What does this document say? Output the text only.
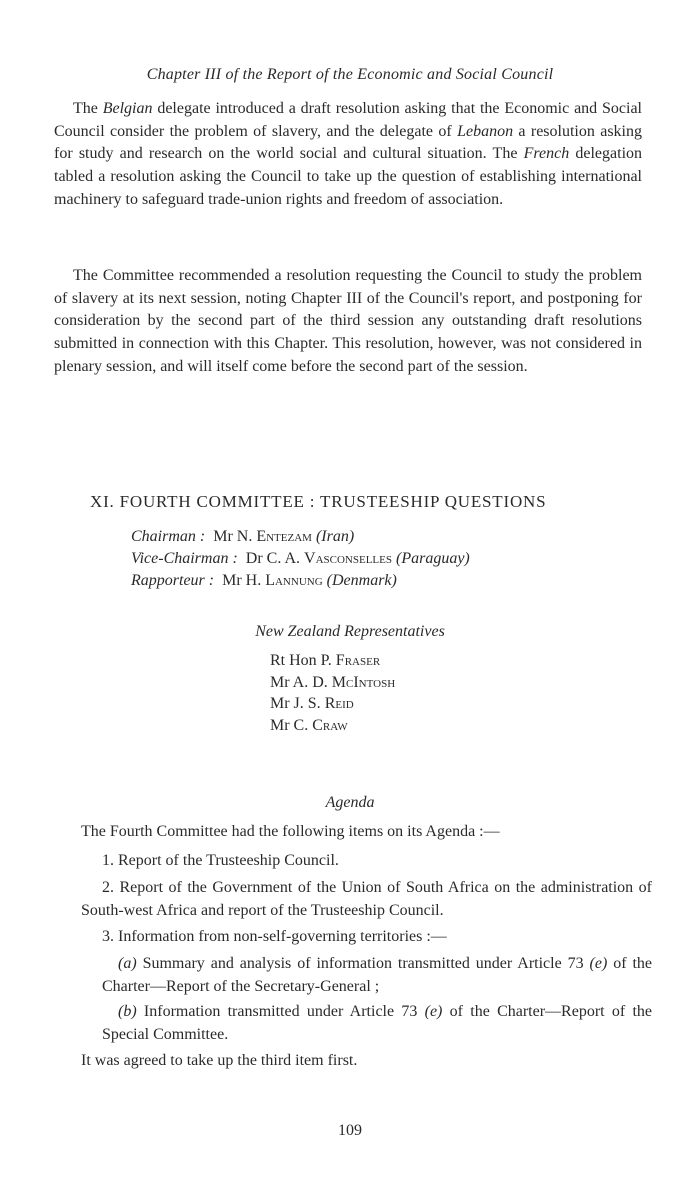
Chapter III of the Report of the Economic and Social Council
The Belgian delegate introduced a draft resolution asking that the Economic and Social Council consider the problem of slavery, and the delegate of Lebanon a resolution asking for study and research on the world social and cultural situation. The French delegation tabled a resolution asking the Council to take up the question of establishing international machinery to safeguard trade-union rights and freedom of association.
The Committee recommended a resolution requesting the Council to study the problem of slavery at its next session, noting Chapter III of the Council's report, and postponing for consideration by the second part of the third session any outstanding draft resolutions submitted in connection with this Chapter. This resolution, however, was not considered in plenary session, and will itself come before the second part of the session.
XI. FOURTH COMMITTEE : TRUSTEESHIP QUESTIONS
Chairman : Mr N. Entezam (Iran)
Vice-Chairman : Dr C. A. Vasconselles (Paraguay)
Rapporteur : Mr H. Lannung (Denmark)
New Zealand Representatives
Rt Hon P. Fraser
Mr A. D. McIntosh
Mr J. S. Reid
Mr C. Craw
Agenda
The Fourth Committee had the following items on its Agenda :—
1. Report of the Trusteeship Council.
2. Report of the Government of the Union of South Africa on the administration of South-west Africa and report of the Trusteeship Council.
3. Information from non-self-governing territories :—
(a) Summary and analysis of information transmitted under Article 73 (e) of the Charter—Report of the Secretary-General ;
(b) Information transmitted under Article 73 (e) of the Charter—Report of the Special Committee.
It was agreed to take up the third item first.
109
